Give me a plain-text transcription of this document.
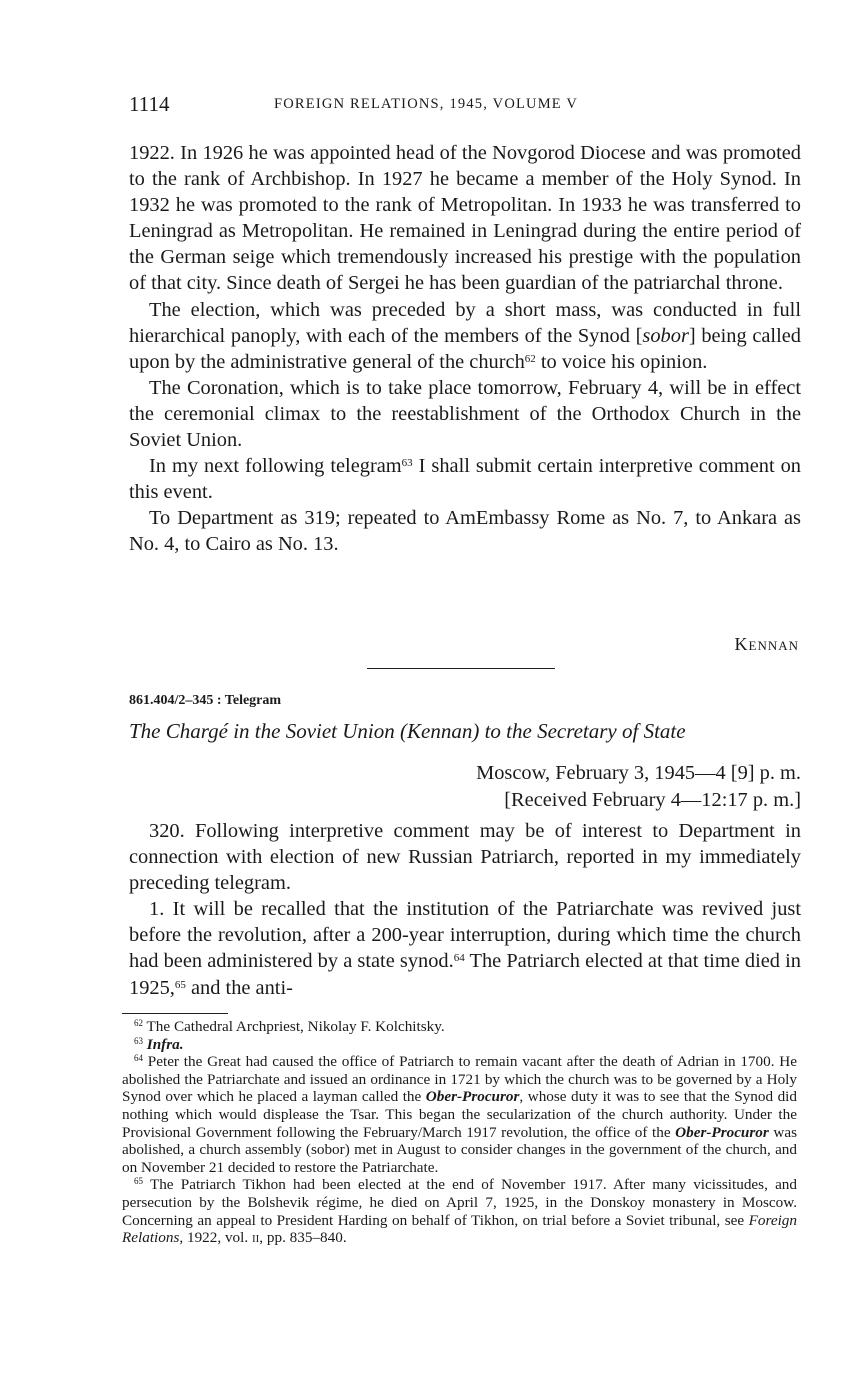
1114	FOREIGN RELATIONS, 1945, VOLUME V

1922. In 1926 he was appointed head of the Novgorod Diocese and was promoted to the rank of Archbishop. In 1927 he became a member of the Holy Synod. In 1932 he was promoted to the rank of Metropolitan. In 1933 he was transferred to Leningrad as Metropolitan. He remained in Leningrad during the entire period of the German seige which tremendously increased his prestige with the population of that city. Since death of Sergei he has been guardian of the patriarchal throne.

The election, which was preceded by a short mass, was conducted in full hierarchical panoply, with each of the members of the Synod [sobor] being called upon by the administrative general of the church$^{62}$ to voice his opinion.

The Coronation, which is to take place tomorrow, February 4, will be in effect the ceremonial climax to the reestablishment of the Orthodox Church in the Soviet Union.

In my next following telegram$^{63}$ I shall submit certain interpretive comment on this event.

To Department as 319; repeated to AmEmbassy Rome as No. 7, to Ankara as No. 4, to Cairo as No. 13.

Kennan
861.404/2–345 : Telegram
The Chargé in the Soviet Union (Kennan) to the Secretary of State
Moscow, February 3, 1945—4 [9] p. m.
[Received February 4—12:17 p. m.]

320. Following interpretive comment may be of interest to Department in connection with election of new Russian Patriarch, reported in my immediately preceding telegram.

1. It will be recalled that the institution of the Patriarchate was revived just before the revolution, after a 200-year interruption, during which time the church had been administered by a state synod.$^{64}$ The Patriarch elected at that time died in 1925,65 and the anti-

$^{62}$ The Cathedral Archpriest, Nikolay F. Kolchitsky.

$^{63}$ Infra.

$^{64}$ Peter the Great had caused the office of Patriarch to remain vacant after the death of Adrian in 1700. He abolished the Patriarchate and issued an ordinance in 1721 by which the church was to be governed by a Holy Synod over which he placed a layman called the Ober-Procuror, whose duty it was to see that the Synod did nothing which would displease the Tsar. This began the secularization of the church authority. Under the Provisional Government following the February/March 1917 revolution, the office of the Ober-Procuror was abolished, a church assembly (sobor) met in August to consider changes in the government of the church, and on November 21 decided to restore the Patriarchate.

$^{65}$ The Patriarch Tikhon had been elected at the end of November 1917. After many vicissitudes, and persecution by the Bolshevik régime, he died on April 7, 1925, in the Donskoy monastery in Moscow. Concerning an appeal to President Harding on behalf of Tikhon, on trial before a Soviet tribunal, see Foreign Relations, 1922, vol. ii, pp. 835–840.
